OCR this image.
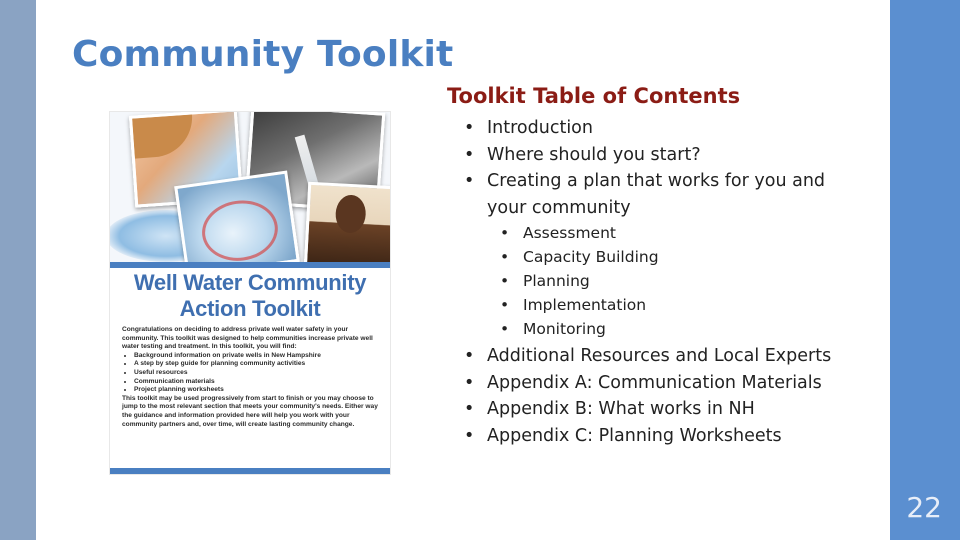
Community Toolkit
Well Water Community Action Toolkit

Congratulations on deciding to address private well water safety in your community. This toolkit was designed to help communities increase private well water testing and treatment. In this toolkit, you will find:

• Background information on private wells in New Hampshire
• A step by step guide for planning community activities
• Useful resources
• Communication materials
• Project planning worksheets

This toolkit may be used progressively from start to finish or you may choose to jump to the most relevant section that meets your community's needs. Either way the guidance and information provided here will help you work with your community partners and, over time, will create lasting community change.

Toolkit Table of Contents
• Introduction
• Where should you start?
• Creating a plan that works for you and your community
• Assessment
• Capacity Building
• Planning
• Implementation
• Monitoring
• Additional Resources and Local Experts
• Appendix A: Communication Materials
• Appendix B: What works in NH
• Appendix C: Planning Worksheets
22
